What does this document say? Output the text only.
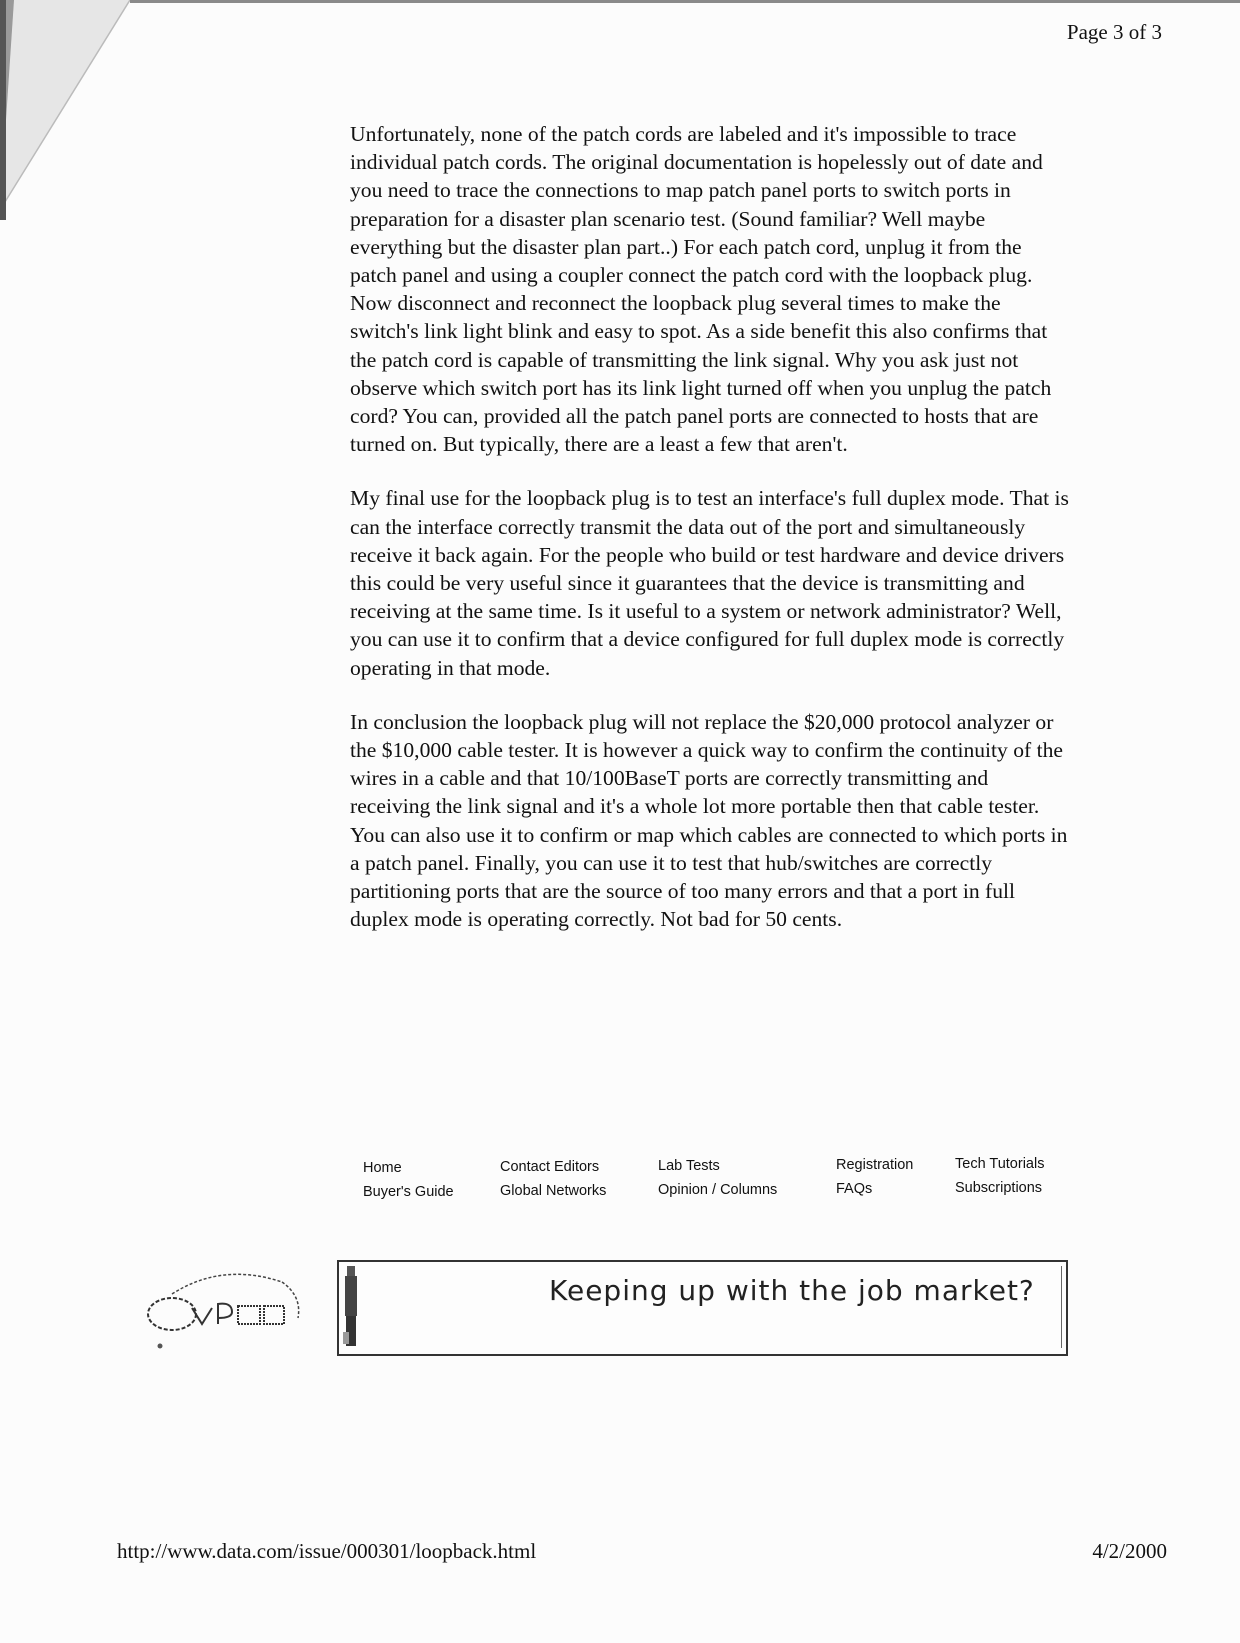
Page 3 of 3

Unfortunately, none of the patch cords are labeled and it's impossible to trace individual patch cords. The original documentation is hopelessly out of date and you need to trace the connections to map patch panel ports to switch ports in preparation for a disaster plan scenario test. (Sound familiar? Well maybe everything but the disaster plan part..) For each patch cord, unplug it from the patch panel and using a coupler connect the patch cord with the loopback plug. Now disconnect and reconnect the loopback plug several times to make the switch's link light blink and easy to spot. As a side benefit this also confirms that the patch cord is capable of transmitting the link signal. Why you ask just not observe which switch port has its link light turned off when you unplug the patch cord? You can, provided all the patch panel ports are connected to hosts that are turned on. But typically, there are a least a few that aren't.

My final use for the loopback plug is to test an interface's full duplex mode. That is can the interface correctly transmit the data out of the port and simultaneously receive it back again. For the people who build or test hardware and device drivers this could be very useful since it guarantees that the device is transmitting and receiving at the same time. Is it useful to a system or network administrator? Well, you can use it to confirm that a device configured for full duplex mode is correctly operating in that mode.

In conclusion the loopback plug will not replace the $20,000 protocol analyzer or the $10,000 cable tester. It is however a quick way to confirm the continuity of the wires in a cable and that 10/100BaseT ports are correctly transmitting and receiving the link signal and it's a whole lot more portable then that cable tester. You can also use it to confirm or map which cables are connected to which ports in a patch panel. Finally, you can use it to test that hub/switches are correctly partitioning ports that are the source of too many errors and that a port in full duplex mode is operating correctly. Not bad for 50 cents.

Home
Buyer's Guide
Contact Editors
Global Networks
Lab Tests
Opinion / Columns
Registration
FAQs
Tech Tutorials
Subscriptions
Keeping up with the job market?
http://www.data.com/issue/000301/loopback.html	4/2/2000
